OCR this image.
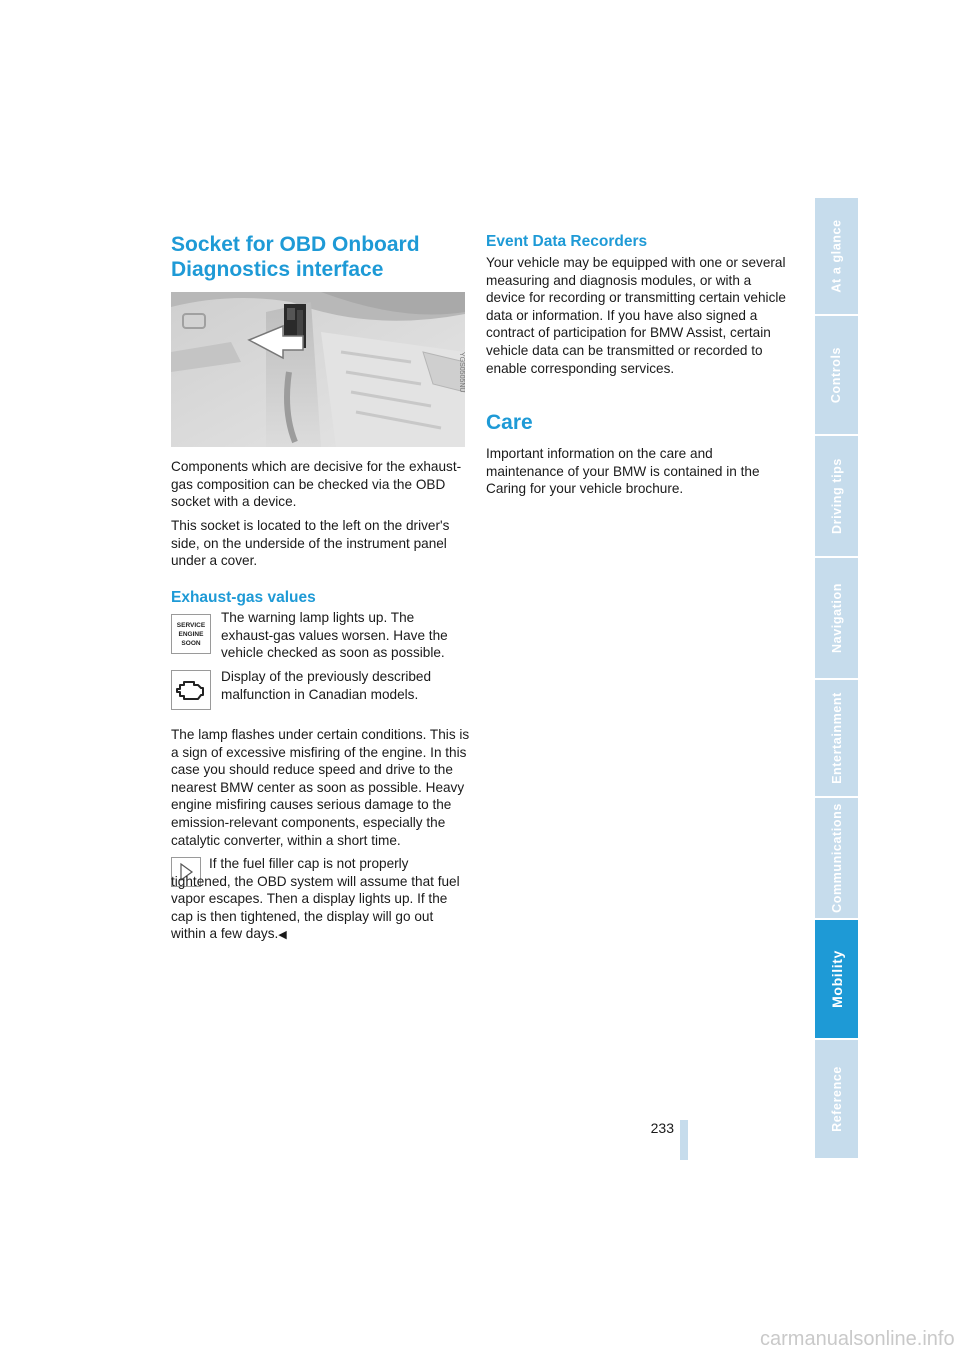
Socket for OBD Onboard
Diagnostics interface
YGS0505NU

Components which are decisive for the exhaust-gas composition can be checked via the OBD socket with a device.

This socket is located to the left on the driver's side, on the underside of the instrument panel under a cover.

Exhaust-gas values
SERVICE
ENGINE
SOON

The warning lamp lights up. The exhaust-gas values worsen. Have the vehicle checked as soon as possible.

Display of the previously described malfunction in Canadian models.

The lamp flashes under certain conditions. This is a sign of excessive misfiring of the engine. In this case you should reduce speed and drive to the nearest BMW center as soon as possible. Heavy engine misfiring causes serious damage to the emission-relevant components, especially the catalytic converter, within a short time.

If the fuel filler cap is not properly tightened, the OBD system will assume that fuel vapor escapes. Then a display lights up. If the cap is then tightened, the display will go out within a few days.◀

Event Data Recorders

Your vehicle may be equipped with one or several measuring and diagnosis modules, or with a device for recording or transmitting certain vehicle data or information. If you have also signed a contract of participation for BMW Assist, certain vehicle data can be transmitted or recorded to enable corresponding services.

Care

Important information on the care and maintenance of your BMW is contained in the Caring for your vehicle brochure.

At a glance
Controls
Driving tips
Navigation
Entertainment
Communications
Mobility
Reference
233
carmanualsonline.info
